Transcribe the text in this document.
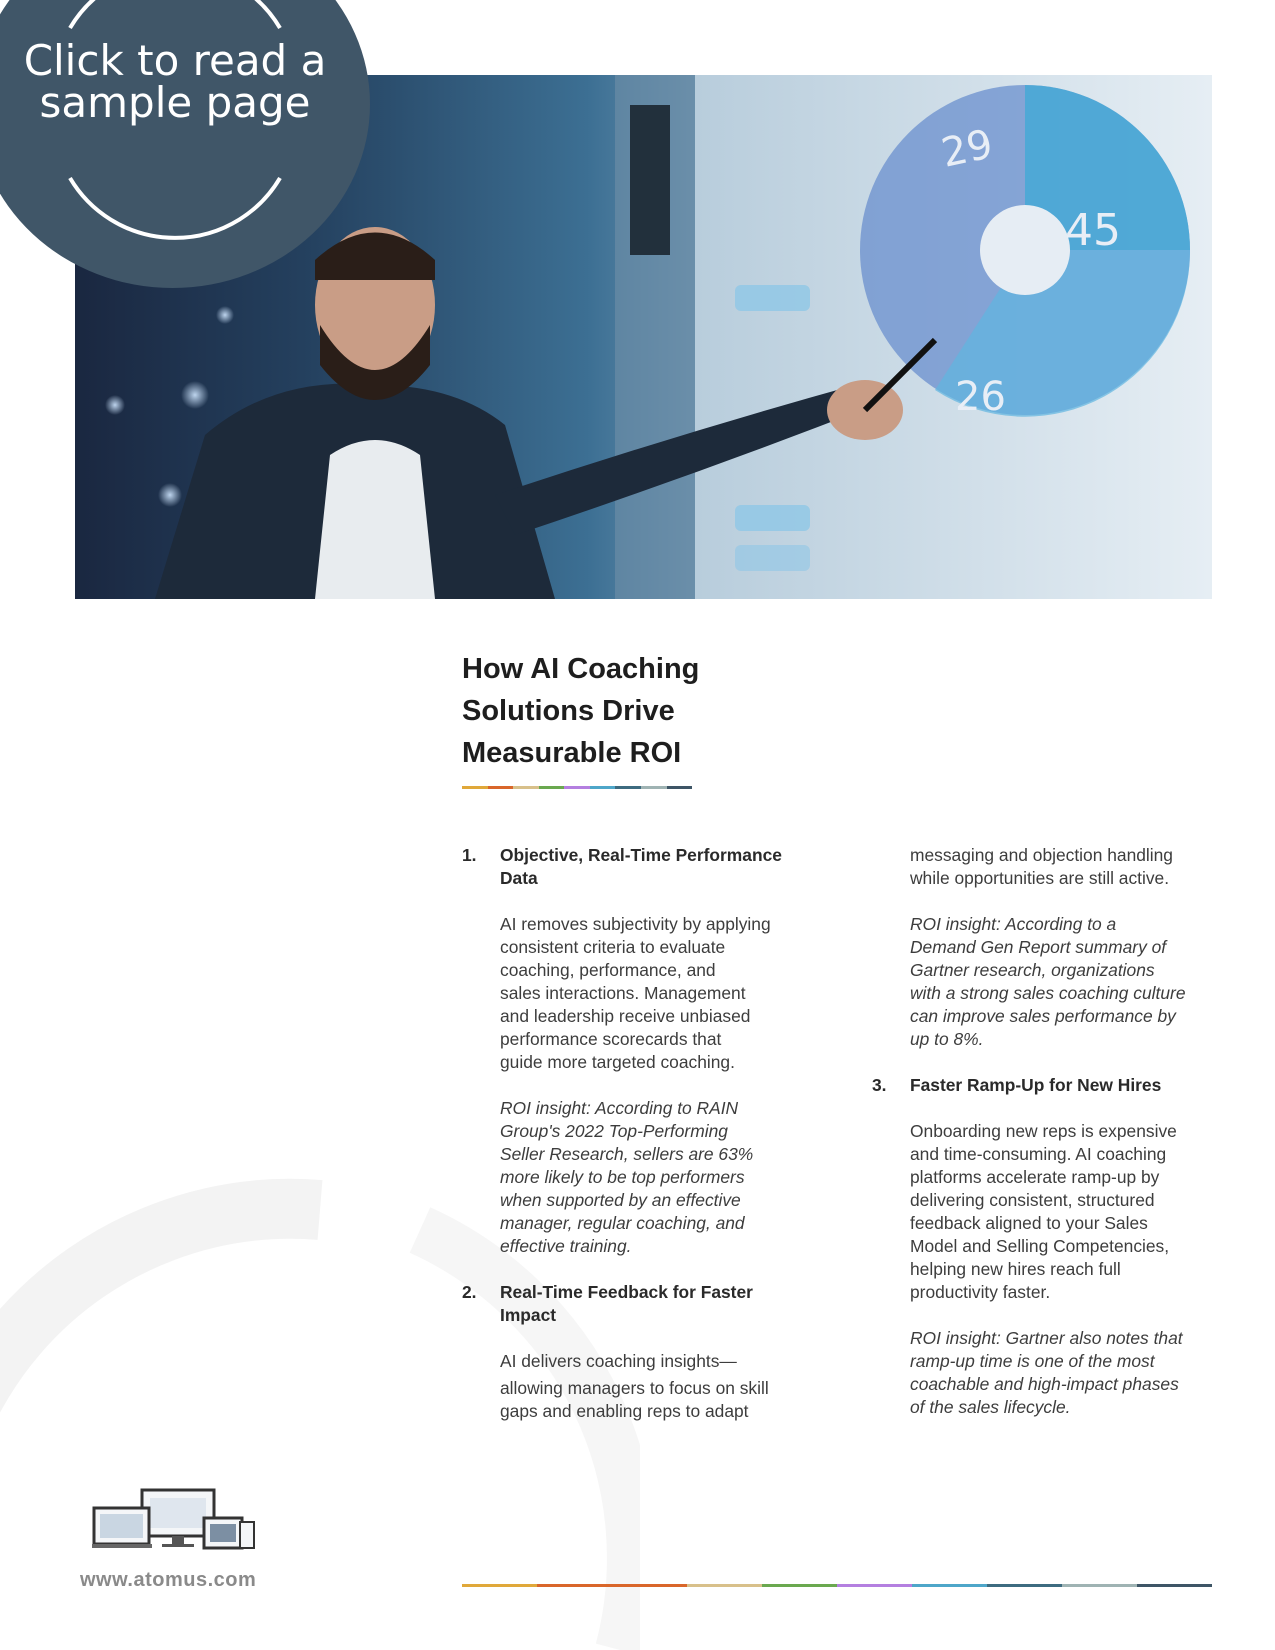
29
45
26
Click to read a
sample page
How AI Coaching
Solutions Drive
Measurable ROI
1. Objective, Real-Time Performance

Data

AI removes subjectivity by applying

consistent criteria to evaluate

coaching, performance, and

sales interactions. Management

and leadership receive unbiased

performance scorecards that

guide more targeted coaching.

ROI insight: According to RAIN

Group's 2022 Top-Performing

Seller Research, sellers are 63%

more likely to be top performers

when supported by an effective

manager, regular coaching, and

effective training.

2. Real-Time Feedback for Faster

Impact

AI delivers coaching insights—

allowing managers to focus on skill

gaps and enabling reps to adapt

messaging and objection handling

while opportunities are still active.

ROI insight: According to a

Demand Gen Report summary of

Gartner research, organizations

with a strong sales coaching culture

can improve sales performance by

up to 8%.

3. Faster Ramp-Up for New Hires

Onboarding new reps is expensive

and time-consuming. AI coaching

platforms accelerate ramp-up by

delivering consistent, structured

feedback aligned to your Sales

Model and Selling Competencies,

helping new hires reach full

productivity faster.

ROI insight: Gartner also notes that

ramp-up time is one of the most

coachable and high-impact phases

of the sales lifecycle.

www.atomus.com
